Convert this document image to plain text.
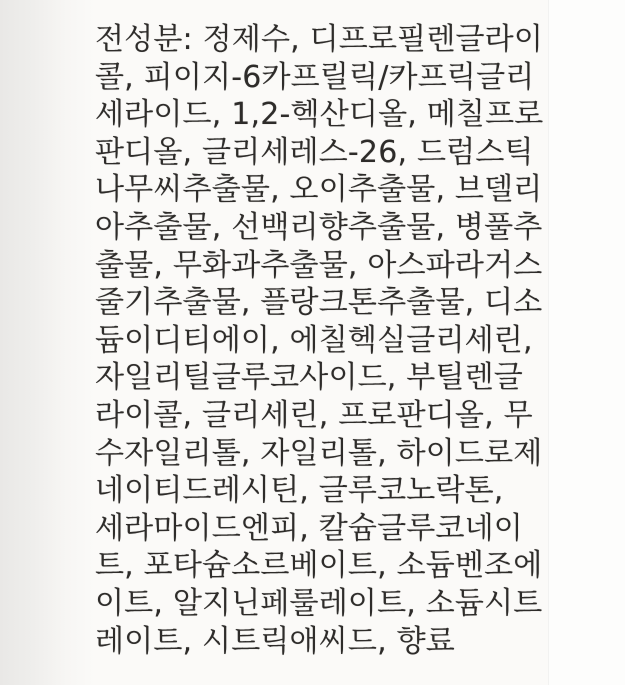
전성분: 정제수, 디프로필렌글라이
콜, 피이지-6카프릴릭/카프릭글리
세라이드, 1,2-헥산디올, 메칠프로
판디올, 글리세레스-26, 드럼스틱
나무씨추출물, 오이추출물, 브델리
아추출물, 선백리향추출물, 병풀추
출물, 무화과추출물, 아스파라거스
줄기추출물, 플랑크톤추출물, 디소
듐이디티에이, 에칠헥실글리세린,
자일리틸글루코사이드, 부틸렌글
라이콜, 글리세린, 프로판디올, 무
수자일리톨, 자일리톨, 하이드로제
네이티드레시틴, 글루코노락톤,
세라마이드엔피, 칼슘글루코네이
트, 포타슘소르베이트, 소듐벤조에
이트, 알지닌페룰레이트, 소듐시트
레이트, 시트릭애씨드, 향료
